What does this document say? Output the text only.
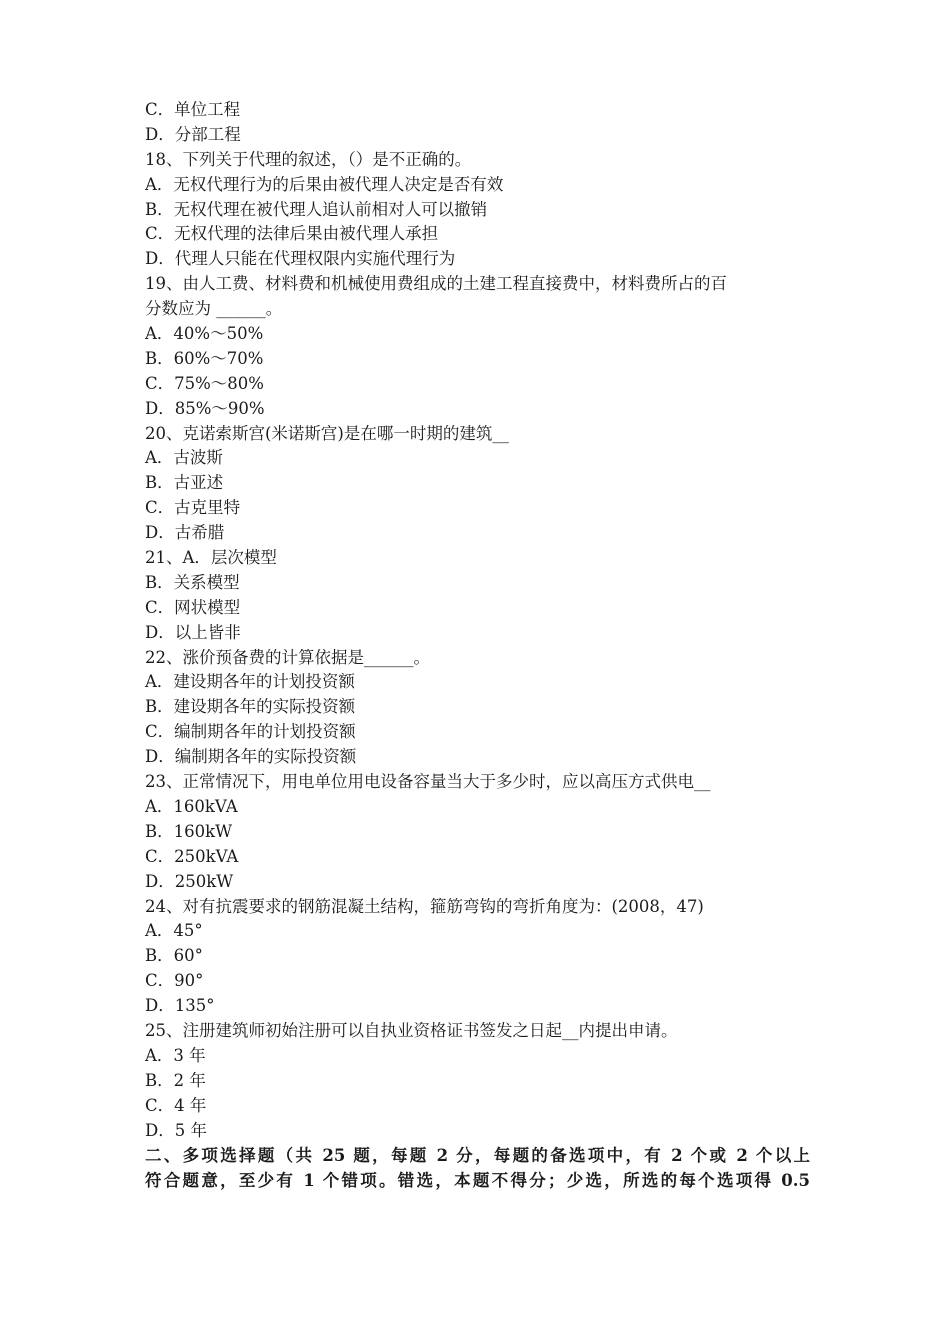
C．单位工程
D．分部工程
18、下列关于代理的叙述，（）是不正确的。
A．无权代理行为的后果由被代理人决定是否有效
B．无权代理在被代理人追认前相对人可以撤销
C．无权代理的法律后果由被代理人承担
D．代理人只能在代理权限内实施代理行为
19、由人工费、材料费和机械使用费组成的土建工程直接费中，材料费所占的百
分数应为 ______。
A．40%～50%
B．60%～70%
C．75%～80%
D．85%～90%
20、克诺索斯宫(米诺斯宫)是在哪一时期的建筑__
A．古波斯
B．古亚述
C．古克里特
D．古希腊
21、A．层次模型
B．关系模型
C．网状模型
D．以上皆非
22、涨价预备费的计算依据是______。
A．建设期各年的计划投资额
B．建设期各年的实际投资额
C．编制期各年的计划投资额
D．编制期各年的实际投资额
23、正常情况下，用电单位用电设备容量当大于多少时，应以高压方式供电__
A．160kVA
B．160kW
C．250kVA
D．250kW
24、对有抗震要求的钢筋混凝土结构，箍筋弯钩的弯折角度为：(2008，47)
A．45°
B．60°
C．90°
D．135°
25、注册建筑师初始注册可以自执业资格证书签发之日起__内提出申请。
A．3 年
B．2 年
C．4 年
D．5 年
二、多项选择题（共 25 题，每题 2 分，每题的备选项中，有 2 个或 2 个以上
符合题意，至少有 1 个错项。错选，本题不得分；少选，所选的每个选项得 0.5
